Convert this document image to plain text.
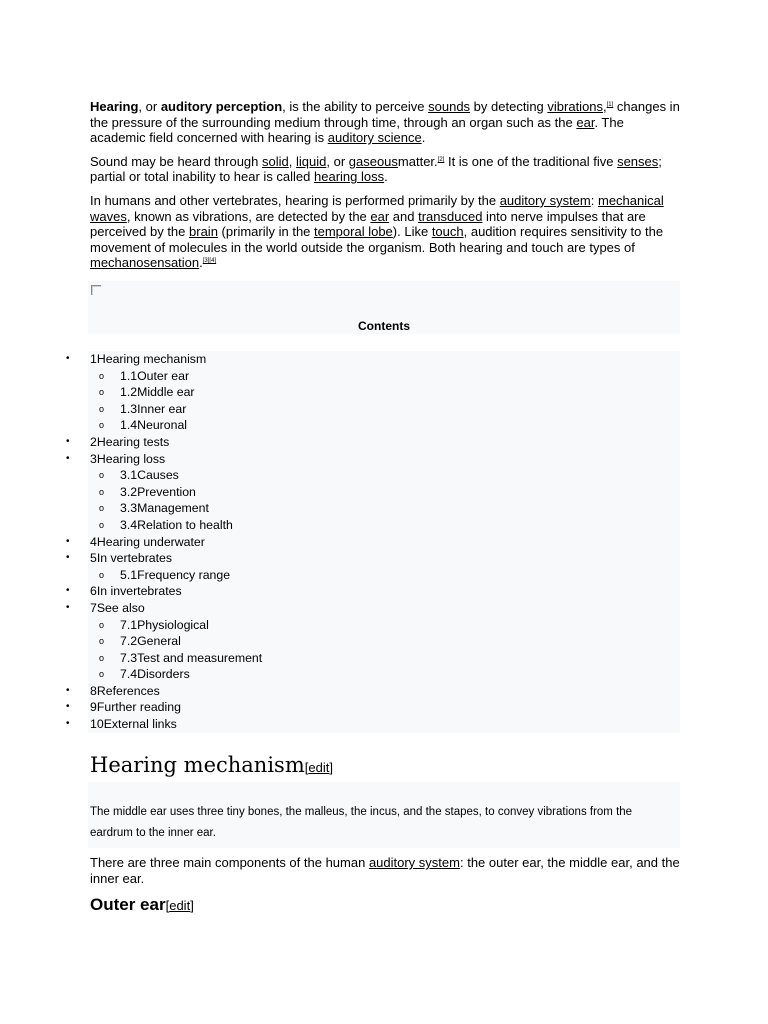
Hearing, or auditory perception, is the ability to perceive sounds by detecting vibrations,[1] changes in the pressure of the surrounding medium through time, through an organ such as the ear. The academic field concerned with hearing is auditory science.

Sound may be heard through solid, liquid, or gaseousmatter.[2] It is one of the traditional five senses; partial or total inability to hear is called hearing loss.

In humans and other vertebrates, hearing is performed primarily by the auditory system: mechanical waves, known as vibrations, are detected by the ear and transduced into nerve impulses that are perceived by the brain (primarily in the temporal lobe). Like touch, audition requires sensitivity to the movement of molecules in the world outside the organism. Both hearing and touch are types of mechanosensation.[3][4]

Contents
• 1Hearing mechanism
o 1.1Outer ear
o 1.2Middle ear
o 1.3Inner ear
o 1.4Neuronal
• 2Hearing tests
• 3Hearing loss
o 3.1Causes
o 3.2Prevention
o 3.3Management
o 3.4Relation to health
• 4Hearing underwater
• 5In vertebrates
o 5.1Frequency range
• 6In invertebrates
• 7See also
o 7.1Physiological
o 7.2General
o 7.3Test and measurement
o 7.4Disorders
• 8References
• 9Further reading
• 10External links
Hearing mechanism[edit]
The middle ear uses three tiny bones, the malleus, the incus, and the stapes, to convey vibrations from the eardrum to the inner ear.

There are three main components of the human auditory system: the outer ear, the middle ear, and the inner ear.

Outer ear[edit]
